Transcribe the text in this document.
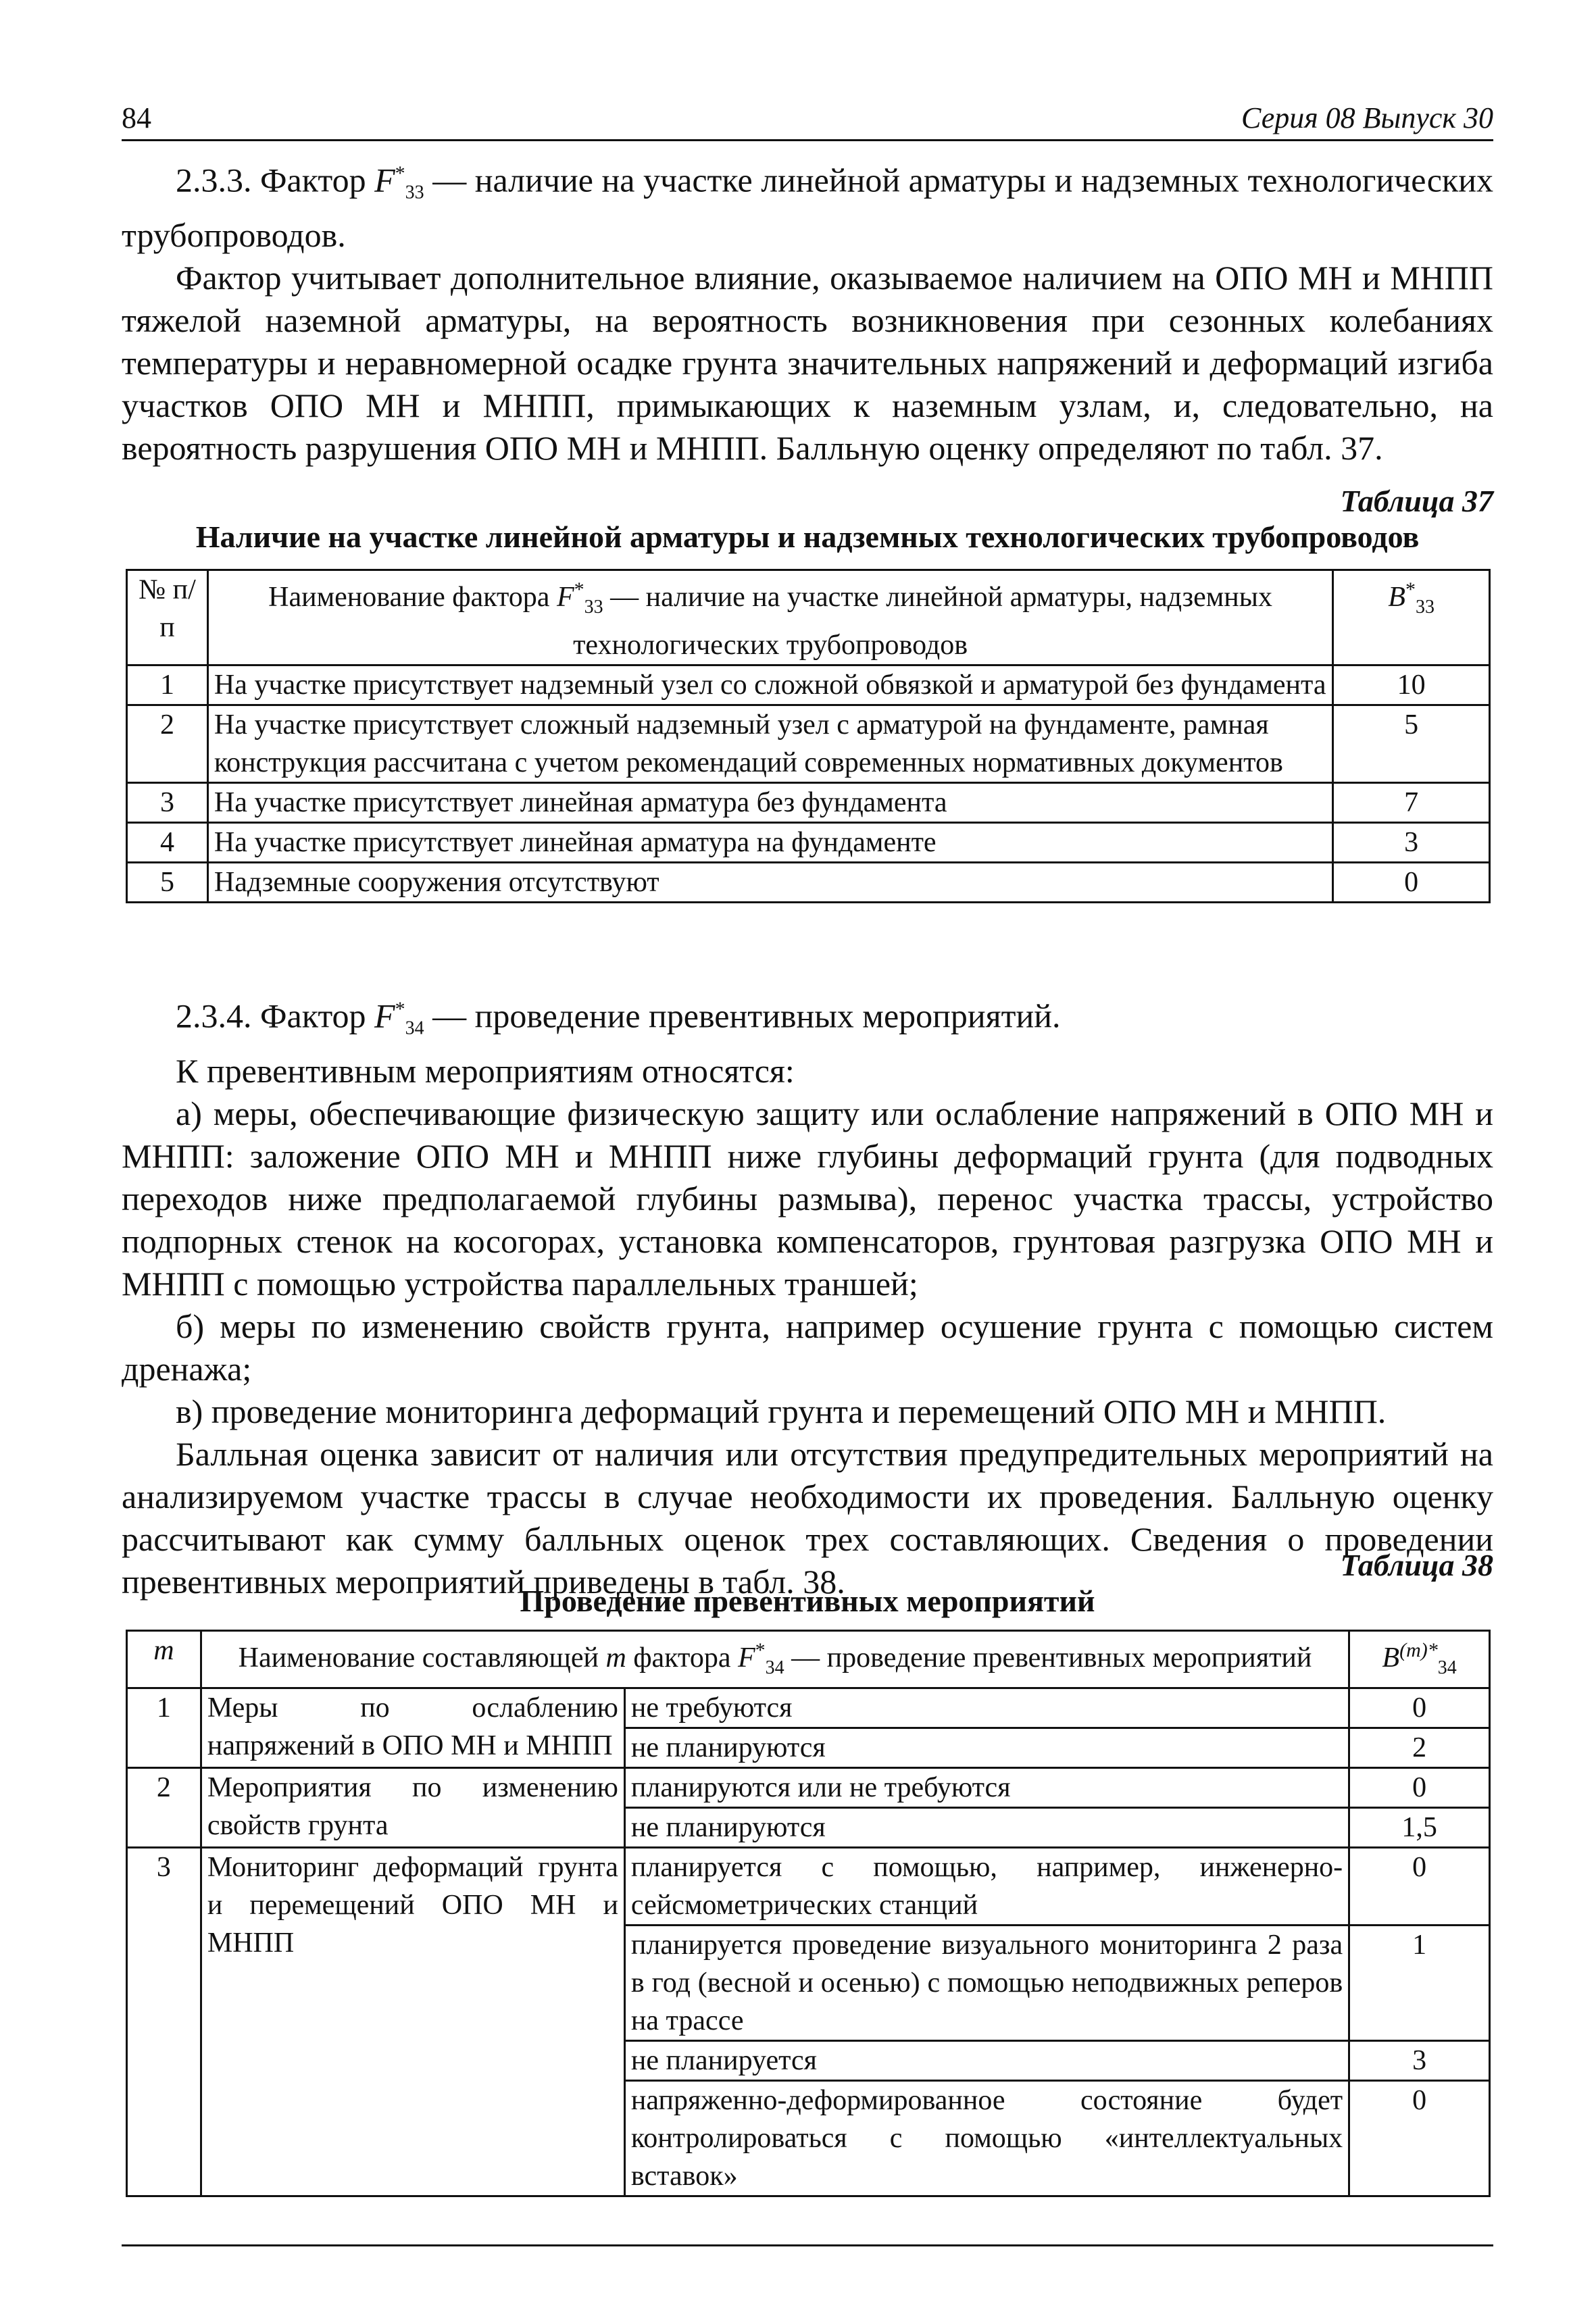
84	Серия 08 Выпуск 30

2.3.3. Фактор $F^*_{33}$ — наличие на участке линейной арматуры и надземных технологических трубопроводов.

Фактор учитывает дополнительное влияние, оказываемое наличием на ОПО МН и МНПП тяжелой наземной арматуры, на вероятность возникновения при сезонных колебаниях температуры и неравномерной осадке грунта значительных напряжений и деформаций изгиба участков ОПО МН и МНПП, примыкающих к наземным узлам, и, следовательно, на вероятность разрушения ОПО МН и МНПП. Балльную оценку определяют по табл. 37.

Таблица 37
Наличие на участке линейной арматуры и надземных технологических трубопроводов
№ п/п	Наименование фактора $F^*_{33}$ — наличие на участке линейной арматуры, надземных технологических трубопроводов	$B^*_{33}$
1	На участке присутствует надземный узел со сложной обвязкой и арматурой без фундамента	10
2	На участке присутствует сложный надземный узел с арматурой на фундаменте, рамная конструкция рассчитана с учетом рекомендаций современных нормативных документов	5
3	На участке присутствует линейная арматура без фундамента	7
4	На участке присутствует линейная арматура на фундаменте	3
5	Надземные сооружения отсутствуют	0

2.3.4. Фактор $F^*_{34}$ — проведение превентивных мероприятий.

К превентивным мероприятиям относятся:

а) меры, обеспечивающие физическую защиту или ослабление напряжений в ОПО МН и МНПП: заложение ОПО МН и МНПП ниже глубины деформаций грунта (для подводных переходов ниже предполагаемой глубины размыва), перенос участка трассы, устройство подпорных стенок на косогорах, установка компенсаторов, грунтовая разгрузка ОПО МН и МНПП с помощью устройства параллельных траншей;

б) меры по изменению свойств грунта, например осушение грунта с помощью систем дренажа;

в) проведение мониторинга деформаций грунта и перемещений ОПО МН и МНПП.

Балльная оценка зависит от наличия или отсутствия предупредительных мероприятий на анализируемом участке трассы в случае необходимости их проведения. Балльную оценку рассчитывают как сумму балльных оценок трех составляющих. Сведения о проведении превентивных мероприятий приведены в табл. 38.	Таблица 38
Проведение превентивных мероприятий
m	Наименование составляющей m фактора $F^*_{34}$ — проведение превентивных мероприятий		$B^{(m)*}_{34}$
1	Меры по ослаблению напряжений в ОПО МН и МНПП	не требуются	0
		не планируются	2
2	Мероприятия по изменению свойств грунта	планируются или не требуются	0
		не планируются	1,5
3	Мониторинг деформаций грунта и перемещений ОПО МН и МНПП	планируется с помощью, например, инженерно-сейсмометрических станций	0
		планируется проведение визуального мониторинга 2 раза в год (весной и осенью) с помощью неподвижных реперов на трассе	1
		не планируется	3
		напряженно-деформированное состояние будет контролироваться с помощью «интеллектуальных вставок»	0
